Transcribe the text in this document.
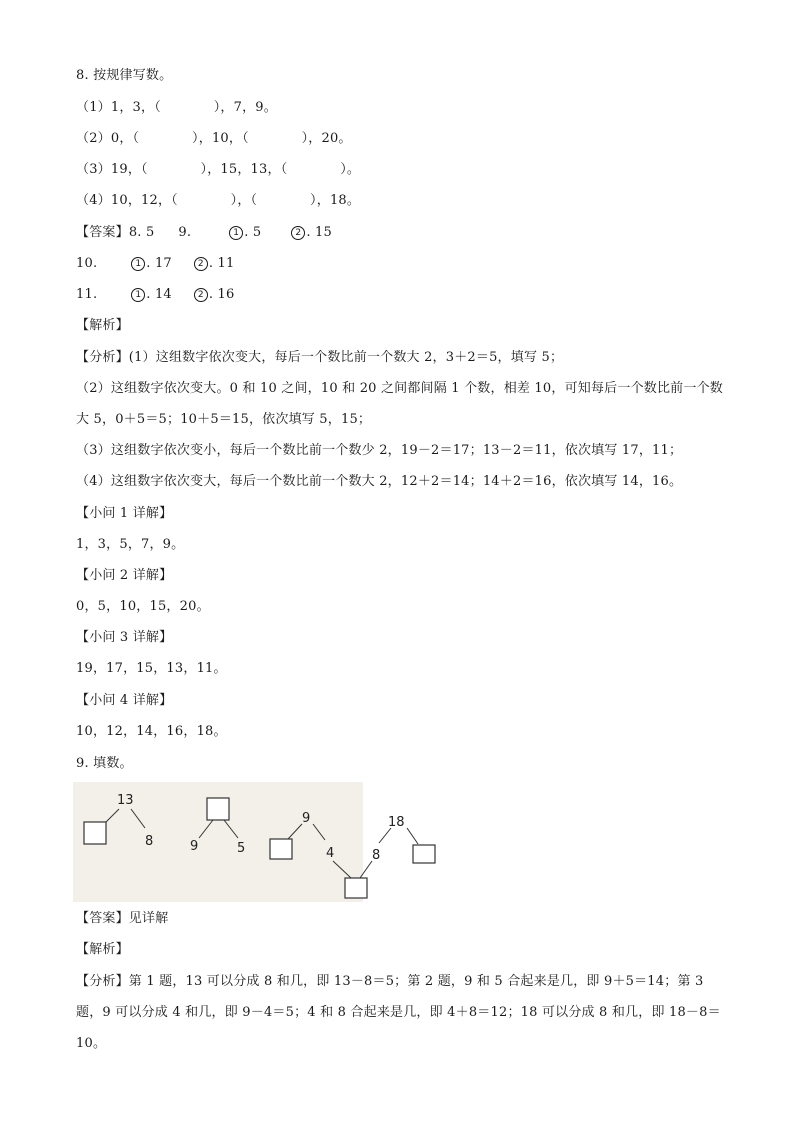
8. 按规律写数。
（1）1，3，（　　　　），7，9。
（2）0，（　　　　），10，（　　　　），20。
（3）19，（　　　　），15，13，（　　　　）。
（4）10，12，（　　　　），（　　　　），18。
【答案】8. 5 9.	1 . 5	2 . 15
10.	1 . 17	2 . 11
11.	1 . 14	2 . 16
【解析】
【分析】(1）这组数字依次变大，每后一个数比前一个数大 2，3＋2＝5，填写 5；
（2）这组数字依次变大。0 和 10 之间，10 和 20 之间都间隔 1 个数，相差 10，可知每后一个数比前一个数
大 5，0＋5＝5；10＋5＝15，依次填写 5，15；
（3）这组数字依次变小，每后一个数比前一个数少 2，19－2＝17；13－2＝11，依次填写 17，11；
（4）这组数字依次变大，每后一个数比前一个数大 2，12＋2＝14；14＋2＝16，依次填写 14，16。
【小问 1 详解】
1，3，5，7，9。
【小问 2 详解】
0，5，10，15，20。
【小问 3 详解】
19，17，15，13，11。
【小问 4 详解】
10，12，14，16，18。
9. 填数。
13
8	9	5
9
4	8
18
【答案】见详解
【解析】
【分析】第 1 题，13 可以分成 8 和几，即 13－8＝5；第 2 题，9 和 5 合起来是几，即 9＋5＝14；第 3 题，9 可以分成 4 和几，即 9－4＝5；4 和 8 合起来是几，即 4＋8＝12；18 可以分成 8 和几，即 18－8＝10。
